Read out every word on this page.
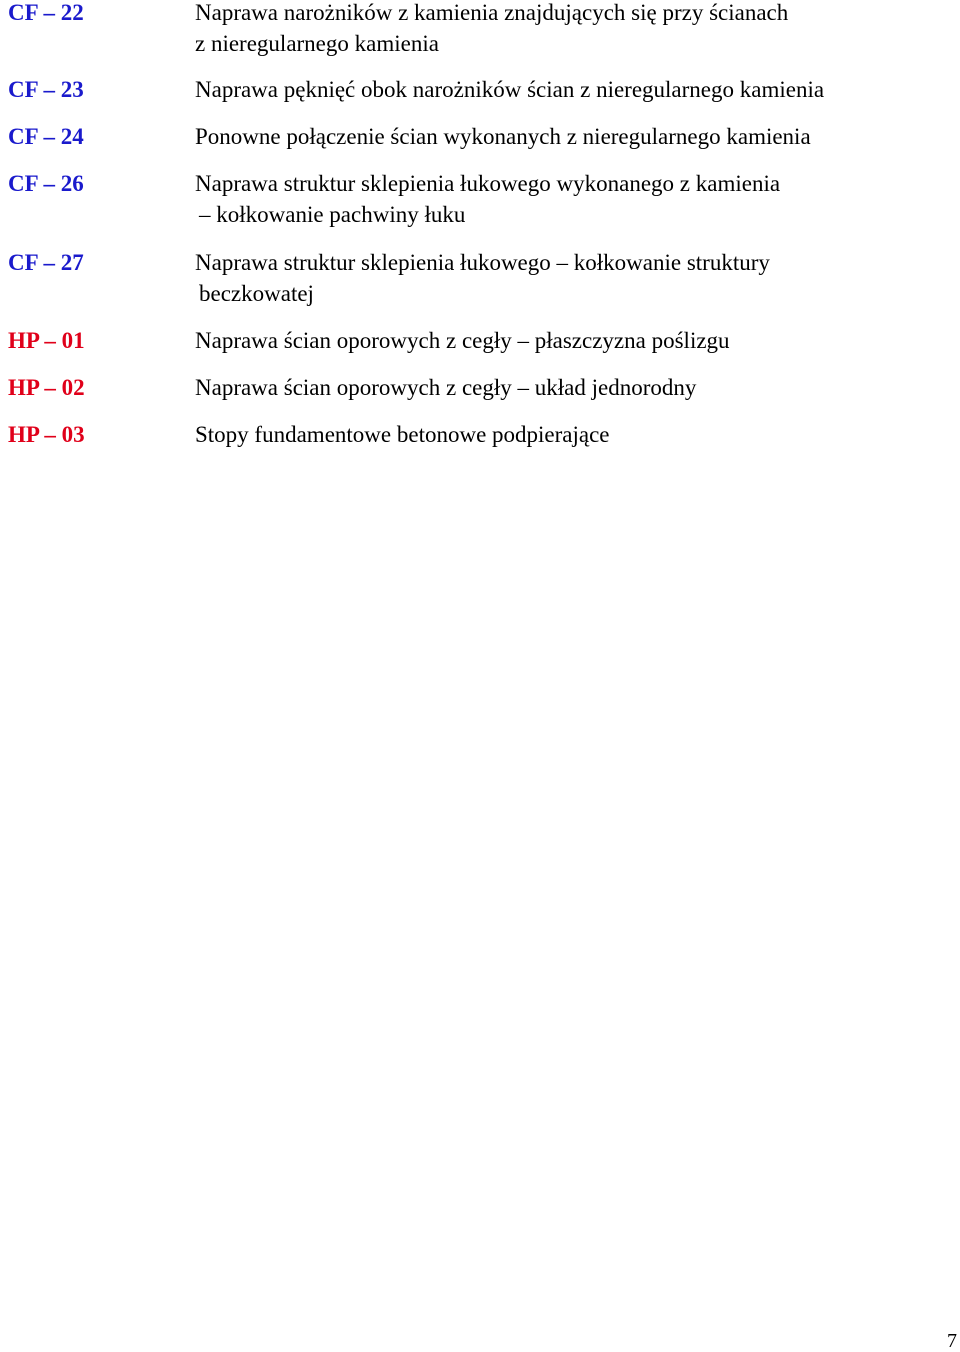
CF – 22	Naprawa narożników z kamienia znajdujących się przy ścianach
z nieregularnego kamienia
CF – 23	Naprawa pęknięć obok narożników ścian z nieregularnego kamienia
CF – 24	Ponowne połączenie ścian wykonanych z nieregularnego kamienia
CF – 26	Naprawa struktur sklepienia łukowego wykonanego z kamienia
– kołkowanie pachwiny łuku
CF – 27	Naprawa struktur sklepienia łukowego – kołkowanie struktury
beczkowatej
HP – 01	Naprawa ścian oporowych z cegły – płaszczyzna poślizgu
HP – 02	Naprawa ścian oporowych z cegły – układ jednorodny
HP – 03	Stopy fundamentowe betonowe podpierające
7
